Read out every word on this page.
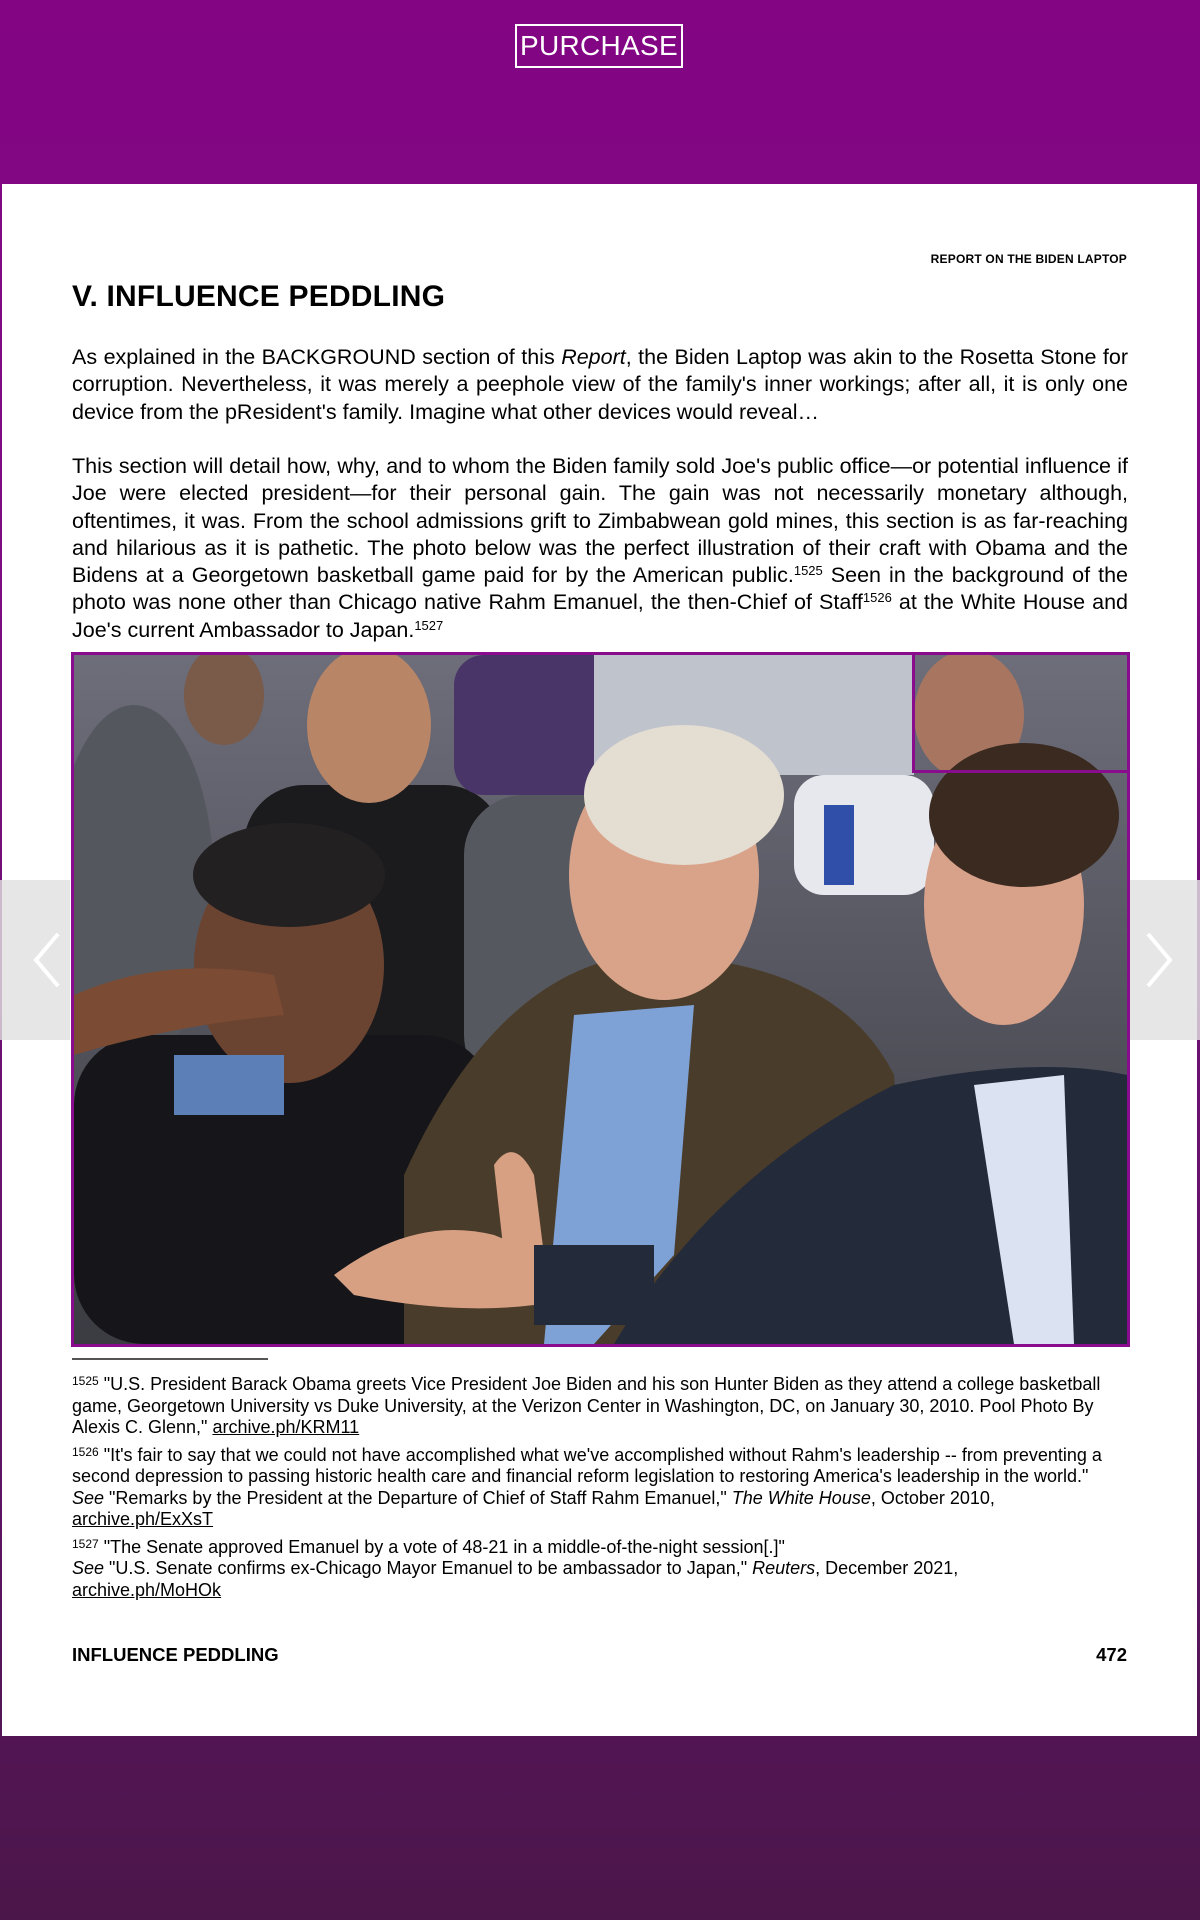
PURCHASE
REPORT ON THE BIDEN LAPTOP
V. INFLUENCE PEDDLING

As explained in the BACKGROUND section of this Report, the Biden Laptop was akin to the Rosetta Stone for corruption. Nevertheless, it was merely a peephole view of the family's inner workings; after all, it is only one device from the pResident's family. Imagine what other devices would reveal…

This section will detail how, why, and to whom the Biden family sold Joe's public office—or potential influence if Joe were elected president—for their personal gain. The gain was not necessarily monetary although, oftentimes, it was. From the school admissions grift to Zimbabwean gold mines, this section is as far-reaching and hilarious as it is pathetic. The photo below was the perfect illustration of their craft with Obama and the Bidens at a Georgetown basketball game paid for by the American public.$^{1525}$ Seen in the background of the photo was none other than Chicago native Rahm Emanuel, the then-Chief of Staff$^{1526}$ at the White House and Joe's current Ambassador to Japan.$^{1527}$

$^{1525}$ "U.S. President Barack Obama greets Vice President Joe Biden and his son Hunter Biden as they attend a college basketball game, Georgetown University vs Duke University, at the Verizon Center in Washington, DC, on January 30, 2010. Pool Photo By Alexis C. Glenn," archive.ph/KRM11

$^{1526}$ "It's fair to say that we could not have accomplished what we've accomplished without Rahm's leadership -- from preventing a second depression to passing historic health care and financial reform legislation to restoring America's leadership in the world."
See "Remarks by the President at the Departure of Chief of Staff Rahm Emanuel," The White House, October 2010,
archive.ph/ExXsT

$^{1527}$ "The Senate approved Emanuel by a vote of 48-21 in a middle-of-the-night session[.]"
See "U.S. Senate confirms ex-Chicago Mayor Emanuel to be ambassador to Japan," Reuters, December 2021,
archive.ph/MoHOk

INFLUENCE PEDDLING	472
